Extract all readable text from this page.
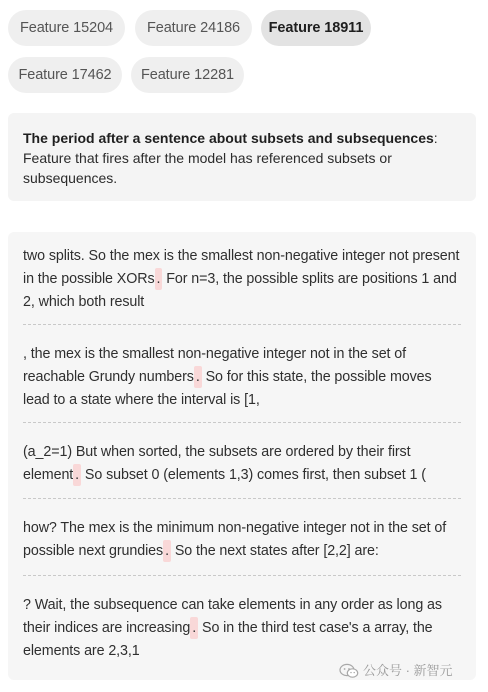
Feature 15204	Feature 24186	Feature 18911
Feature 17462	Feature 12281
The period after a sentence about subsets and subsequences: Feature that fires after the model has referenced subsets or subsequences.
two splits. So the mex is the smallest non-negative integer not present in the possible XORs . For n=3, the possible splits are positions 1 and 2, which both result
, the mex is the smallest non-negative integer not in the set of reachable Grundy numbers . So for this state, the possible moves lead to a state where the interval is [1,
(a_2=1) But when sorted, the subsets are ordered by their first element . So subset 0 (elements 1,3) comes first, then subset 1 (
how? The mex is the minimum non-negative integer not in the set of possible next grundies . So the next states after [2,2] are:
? Wait, the subsequence can take elements in any order as long as their indices are increasing . So in the third test case's a array, the elements are 2,3,1
公众号 · 新智元
